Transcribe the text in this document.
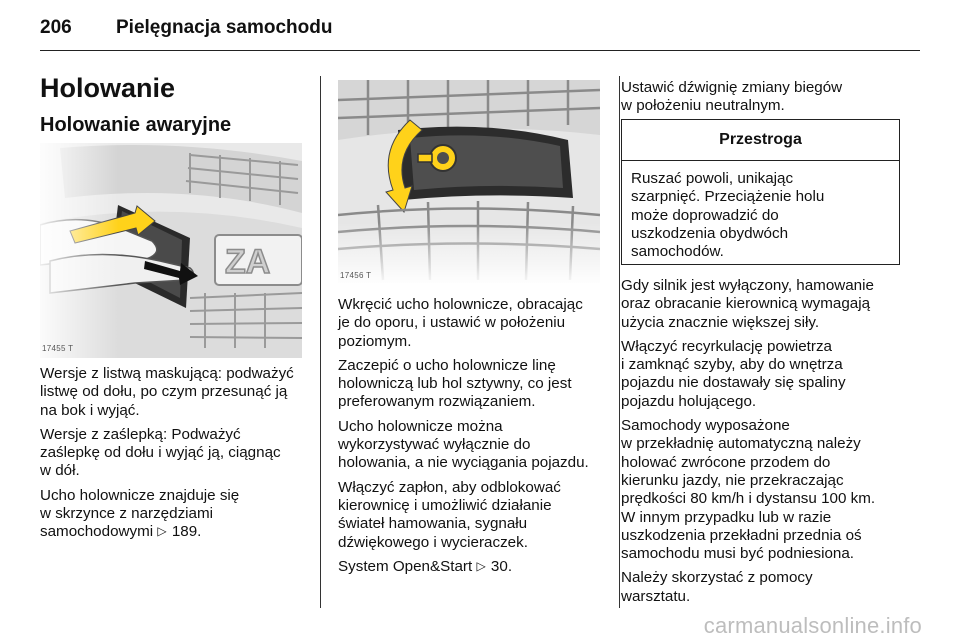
206 Pielęgnacja samochodu
Holowanie
Holowanie awaryjne
17455 T
17456 T

Wersje z listwą maskującą: podważyć
listwę od dołu, po czym przesunąć ją
na bok i wyjąć.

Wersje z zaślepką: Podważyć
zaślepkę od dołu i wyjąć ją, ciągnąc
w dół.

Ucho holownicze znajduje się
w skrzynce z narzędziami
samochodowymi ▷ 189.

Wkręcić ucho holownicze, obracając
je do oporu, i ustawić w położeniu
poziomym.

Zaczepić o ucho holownicze linę
holowniczą lub hol sztywny, co jest
preferowanym rozwiązaniem.

Ucho holownicze można
wykorzystywać wyłącznie do
holowania, a nie wyciągania pojazdu.

Włączyć zapłon, aby odblokować
kierownicę i umożliwić działanie
świateł hamowania, sygnału
dźwiękowego i wycieraczek.

System Open&Start ▷ 30.

Ustawić dźwignię zmiany biegów
w położeniu neutralnym.

Przestroga
Ruszać powoli, unikając
szarpnięć. Przeciążenie holu
może doprowadzić do
uszkodzenia obydwóch
samochodów.

Gdy silnik jest wyłączony, hamowanie
oraz obracanie kierownicą wymagają
użycia znacznie większej siły.

Włączyć recyrkulację powietrza
i zamknąć szyby, aby do wnętrza
pojazdu nie dostawały się spaliny
pojazdu holującego.

Samochody wyposażone
w przekładnię automatyczną należy
holować zwrócone przodem do
kierunku jazdy, nie przekraczając
prędkości 80 km/h i dystansu 100 km.
W innym przypadku lub w razie
uszkodzenia przekładni przednia oś
samochodu musi być podniesiona.

Należy skorzystać z pomocy
warsztatu.

carmanualsonline.info
